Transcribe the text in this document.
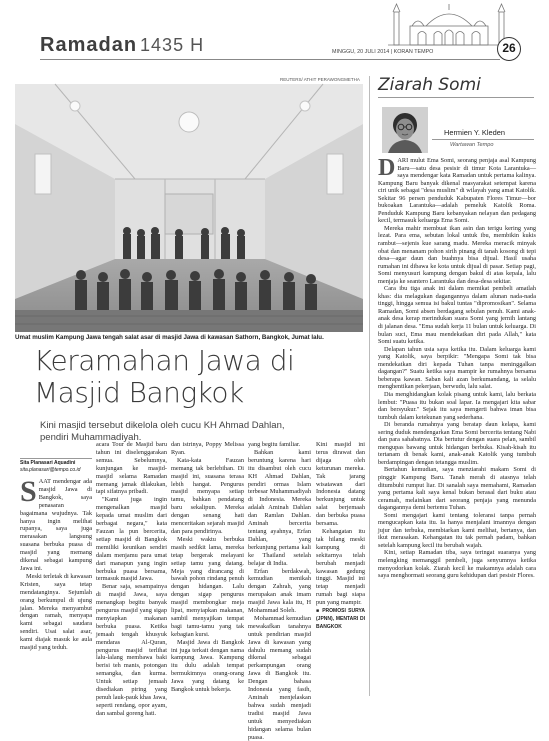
Ramadan 1435 H	MINGGU, 20 JULI 2014 | KORAN TEMPO	26
REUTERS/ ATHIT PERAWONGMETHA
Umat muslim Kampung Jawa tengah salat asar di masjid Jawa di kawasan Sathorn, Bangkok, Jumat lalu.
Keramahan Jawa di Masjid Bangkok
Kini masjid tersebut dikelola oleh cucu KH Ahmad Dahlan, pendiri Muhammadiyah.
Sita Planasari Aquadini
sita.planasari@tempo.co.id

SAAT mendengar ada masjid Jawa di Bangkok, saya penasaran bagaimana wujudnya. Tak hanya ingin melihat rupanya, saya juga merasakan langsung suasana berbuka puasa di masjid yang memang dikenal sebagai kampung Jawa ini.

Meski terletak di kawasan Kristen, saya tetap mendatanginya. Sejumlah orang berkumpul di ujung jalan. Mereka menyambut dengan ramah, menyapa kami sebagai saudara sendiri. Usai salat asar, kami diajak masuk ke aula masjid yang teduh.

acara Tour de Masjid baru tahun ini diselenggarakan semua. Sebelumnya, kunjungan ke masjid-masjid selama Ramadan memang jamak dilakukan, tapi sifatnya pribadi.

"Kami juga ingin mengenalkan masjid kepada umat muslim dari berbagai negara," kata Fauzan la pun bercerita, setiap masjid di Bangkok memiliki keunikan sendiri dalam menjamu para umat dari manapun yang ingin berbuka puasa bersama, termasuk masjid Jawa.

Benar saja, sesampainya di masjid Jawa, saya menangkap begitu banyak pengurus masjid yang sigap menyiapkan makanan berbuka puasa. Ketika jemaah tengah khusyuk mendaras Al-Quran, pengurus masjid terlihat lalu-lalang membawa baki berisi teh manis, potongan semangka, dan kurma. Untuk setiap jemaah disediakan piring yang penuh lauk-pauk khas Jawa, seperti rendang, opor ayam, dan sambal goreng hati.

dan istrinya, Poppy Melissa Ryan.

Kata-kata Fauzan memang tak berlebihan. Di masjid ini, suasana terasa lebih hangat. Pengurus masjid menyapa setiap tamu, bahkan pendatang baru sekalipun. Mereka dengan senang hati menceritakan sejarah masjid dan para pendirinya.

Meski waktu berbuka masih sedikit lama, mereka tetap bergerak melayani setiap tamu yang datang. Meja yang dirancang di bawah pohon rindang penuh dengan hidangan. Lalu dengan sigap pengurus masjid membongkar meja lipat, menyiapkan makanan, sambil menyajikan tempat bagi tamu-tamu yang tak kebagian kursi.

Masjid Jawa di Bangkok ini juga terkait dengan nama kampung Jawa. Kampung itu dulu adalah tempat bermukimnya orang-orang Jawa yang datang ke Bangkok untuk bekerja.

yang begitu familiar.

Bahkan kami beruntung karena hari itu disambut oleh cucu KH Ahmad Dahlan, pendiri ormas Islam terbesar Muhammadiyah di Indonesia. Mereka adalah Aminah Dahlan dan Ramlan Dahlan. Aminah bercerita tentang ayahnya, Erfan Dahlan, yang berkunjung pertama kali ke Thailand setelah belajar di India.

Erfan berdakwah, kemudian menikah dengan Zahrah, yang merupakan anak imam masjid Jawa kala itu, H Mohammad Soleh.

Mohammad kemudian mewakafkan tanahnya untuk pendirian masjid Jawa di kawasan yang dahulu memang sudah dikenal sebagai perkampungan orang Jawa di Bangkok itu. Dengan bahasa Indonesia yang fasih, Aminah menjelaskan bahwa sudah menjadi tradisi masjid Jawa untuk menyediakan hidangan selama bulan puasa.

Kini masjid ini terus dirawat dan dijaga oleh keturunan mereka. Tak jarang wisatawan dari Indonesia datang berkunjung untuk salat berjemaah dan berbuka puasa bersama.

Kehangatan itu tak hilang meski kampung di sekitarnya telah berubah menjadi kawasan gedung tinggi. Masjid ini tetap menjadi rumah bagi siapa pun yang mampir.

■ PROMOSI SURYA (JPNN), MENTARI DI BANGKOK

Ziarah Somi
Hermien Y. Kleden
Wartawan Tempo

DARI mulut Ema Somi, seorang penjaja asal Kampung Baru—satu desa pesisir di timur Kota Larantuka—saya mendengar kata Ramadan untuk pertama kalinya. Kampung Baru banyak dikenal masyarakat setempat karena ciri unik sebagai "desa muslim" di wilayah yang amat Katolik. Sekitar 96 persen penduduk Kabupaten Flores Timur—bor bukoakan Larantuka—adalah pemeluk Katolik Roma. Penduduk Kampung Baru kebanyakan nelayan dan pedagang kecil, termasuk keluarga Ema Somi.

Mereka mahir membuat ikan asin dan terigu kering yang lezat. Para ema, sebutan lokal untuk ibu, membikin kukis rambut—sejenis kue sarang madu. Mereka meracik minyak obat dan menanam pohon sirih pinang di tanah kosong di tepi desa—agar daun dan buahnya bisa dijual. Hasil usaha rumahan ini dibawa ke kota untuk dijual di pasar. Setiap pagi, Somi menyusuri kampung dengan bakul di atas kepala, lalu menjaja ke seantero Larantuka dan desa-desa sekitar.

Cara ibu tiga anak ini dalam memikat pembeli amatlah khas: dia melagukan dagangannya dalam alunan nada-nada tinggi, hingga semua isi bakul tuntas "dipromosikan". Selama Ramadan, Somi absen berdagang sebulan penuh. Kami anak-anak desa kerap merindukan suara Somi yang jernih lantang di jalanan desa. "Ema sudah kerja 11 bulan untuk keluarga. Di bulan suci, Ema mau mendekatkan diri pada Allah," kata Somi suatu ketika.

Delapan tahun usia saya ketika itu. Dalam keluarga kami yang Katolik, saya berpikir: "Mengapa Somi tak bisa mendekatkan diri kepada Tuhan tanpa meninggalkan dagangan?" Suatu ketika saya mampir ke rumahnya bersama beberapa kawan. Saban kali azan berkumandang, ia selalu menghentikan pekerjaan, berwudu, lalu salat.

Dia menghidangkan kolak pisang untuk kami, lalu berkata lembut: "Puasa itu bukan soal lapar. Ia mengajari kita sabar dan bersyukur." Sejak itu saya mengerti bahwa iman bisa tumbuh dalam ketekunan yang sederhana.

Di beranda rumahnya yang beratap daun kelapa, kami sering duduk mendengarkan Ema Somi bercerita tentang Nabi dan para sahabatnya. Dia bertutur dengan suara pelan, sambil mengupas bawang untuk hidangan berbuka. Kisah-kisah itu tertanam di benak kami, anak-anak Katolik yang tumbuh berdampingan dengan tetangga muslim.

Bertahun kemudian, saya menziarahi makam Somi di pinggir Kampung Baru. Tanah merah di atasnya telah ditumbuhi rumput liar. Di sanalah saya memahami, Ramadan yang pertama kali saya kenal bukan berasal dari buku atau ceramah, melainkan dari seorang penjaja yang menunda dagangannya demi bertemu Tuhan.

Somi mengajari kami tentang toleransi tanpa pernah mengucapkan kata itu. Ia hanya menjalani imannya dengan jujur dan terbuka, membiarkan kami melihat, bertanya, dan ikut merasakan. Kehangatan itu tak pernah padam, bahkan setelah kampung kecil itu berubah wajah.

Kini, setiap Ramadan tiba, saya teringat suaranya yang melengking memanggil pembeli, juga senyumnya ketika menyodorkan kolak. Ziarah kecil ke makamnya adalah cara saya menghormati seorang guru kehidupan dari pesisir Flores.
